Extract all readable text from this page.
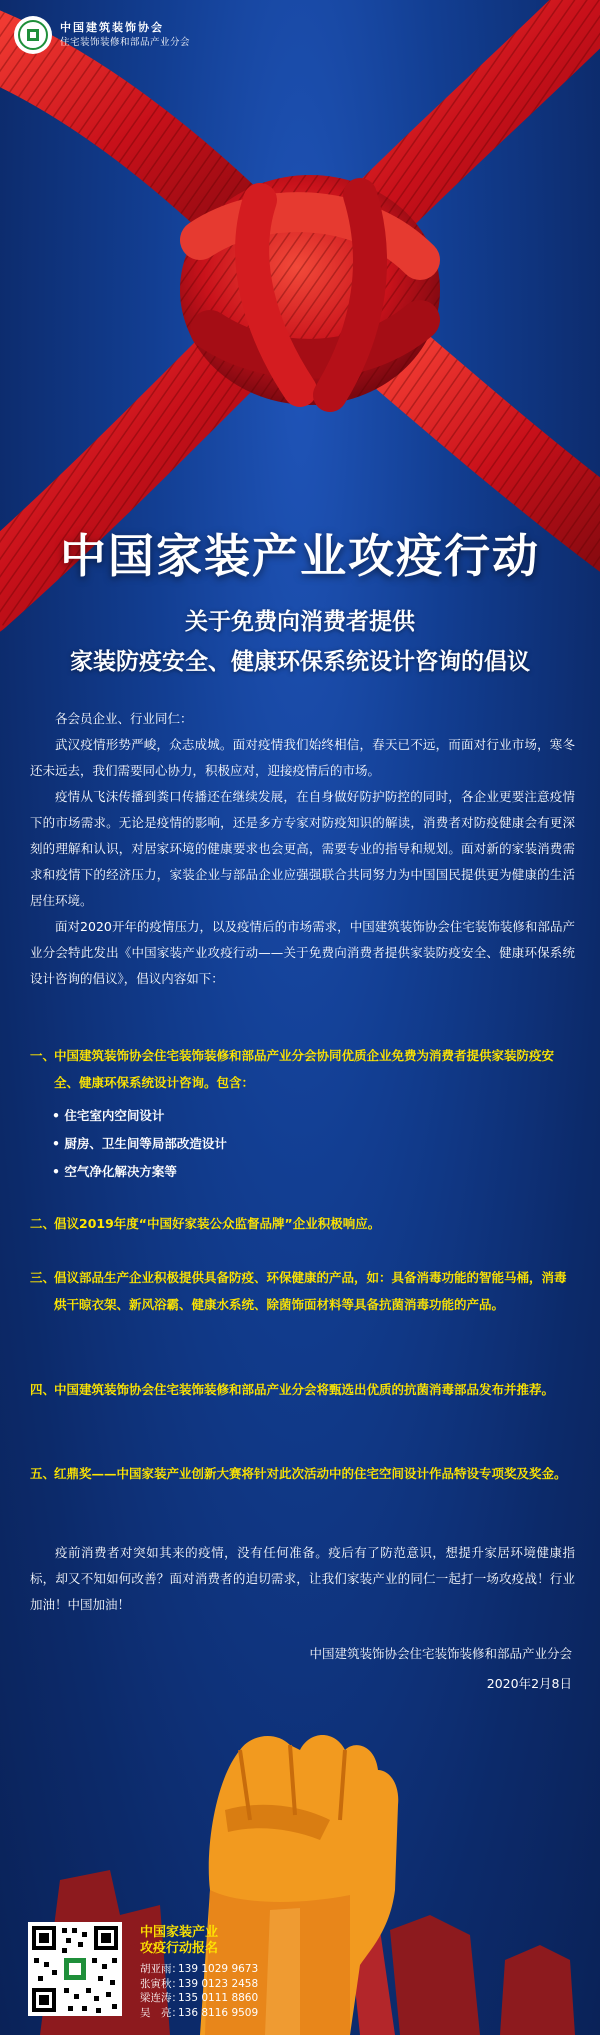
中国建筑装饰协会
住宅装饰装修和部品产业分会
中国家装产业攻疫行动
关于免费向消费者提供
家装防疫安全、健康环保系统设计咨询的倡议

各会员企业、行业同仁：

武汉疫情形势严峻，众志成城。面对疫情我们始终相信，春天已不远，而面对行业市场，寒冬还未远去，我们需要同心协力，积极应对，迎接疫情后的市场。

疫情从飞沫传播到粪口传播还在继续发展，在自身做好防护防控的同时，各企业更要注意疫情下的市场需求。无论是疫情的影响，还是多方专家对防疫知识的解读，消费者对防疫健康会有更深刻的理解和认识，对居家环境的健康要求也会更高，需要专业的指导和规划。面对新的家装消费需求和疫情下的经济压力，家装企业与部品企业应强强联合共同努力为中国国民提供更为健康的生活居住环境。

面对2020开年的疫情压力，以及疫情后的市场需求，中国建筑装饰协会住宅装饰装修和部品产业分会特此发出《中国家装产业攻疫行动——关于免费向消费者提供家装防疫安全、健康环保系统设计咨询的倡议》，倡议内容如下：

一、
中国建筑装饰协会住宅装饰装修和部品产业分会协同优质企业免费为消费者提供家装防疫安全、健康环保系统设计咨询。包含：
• 住宅室内空间设计
• 厨房、卫生间等局部改造设计
• 空气净化解决方案等
二、
倡议2019年度“中国好家装公众监督品牌”企业积极响应。
三、
倡议部品生产企业积极提供具备防疫、环保健康的产品，如：具备消毒功能的智能马桶，消毒烘干晾衣架、新风浴霸、健康水系统、除菌饰面材料等具备抗菌消毒功能的产品。
四、
中国建筑装饰协会住宅装饰装修和部品产业分会将甄选出优质的抗菌消毒部品发布并推荐。
五、
红鼎奖——中国家装产业创新大赛将针对此次活动中的住宅空间设计作品特设专项奖及奖金。

疫前消费者对突如其来的疫情，没有任何准备。疫后有了防范意识，想提升家居环境健康指标，却又不知如何改善？面对消费者的迫切需求，让我们家装产业的同仁一起打一场攻疫战！行业加油！中国加油！

中国建筑装饰协会住宅装饰装修和部品产业分会
2020年2月8日
中国家装产业
攻疫行动报名
胡亚雨：139 1029 9673
张寅秋：139 0123 2458
梁连涛：135 0111 8860
吴　亮：136 8116 9509
